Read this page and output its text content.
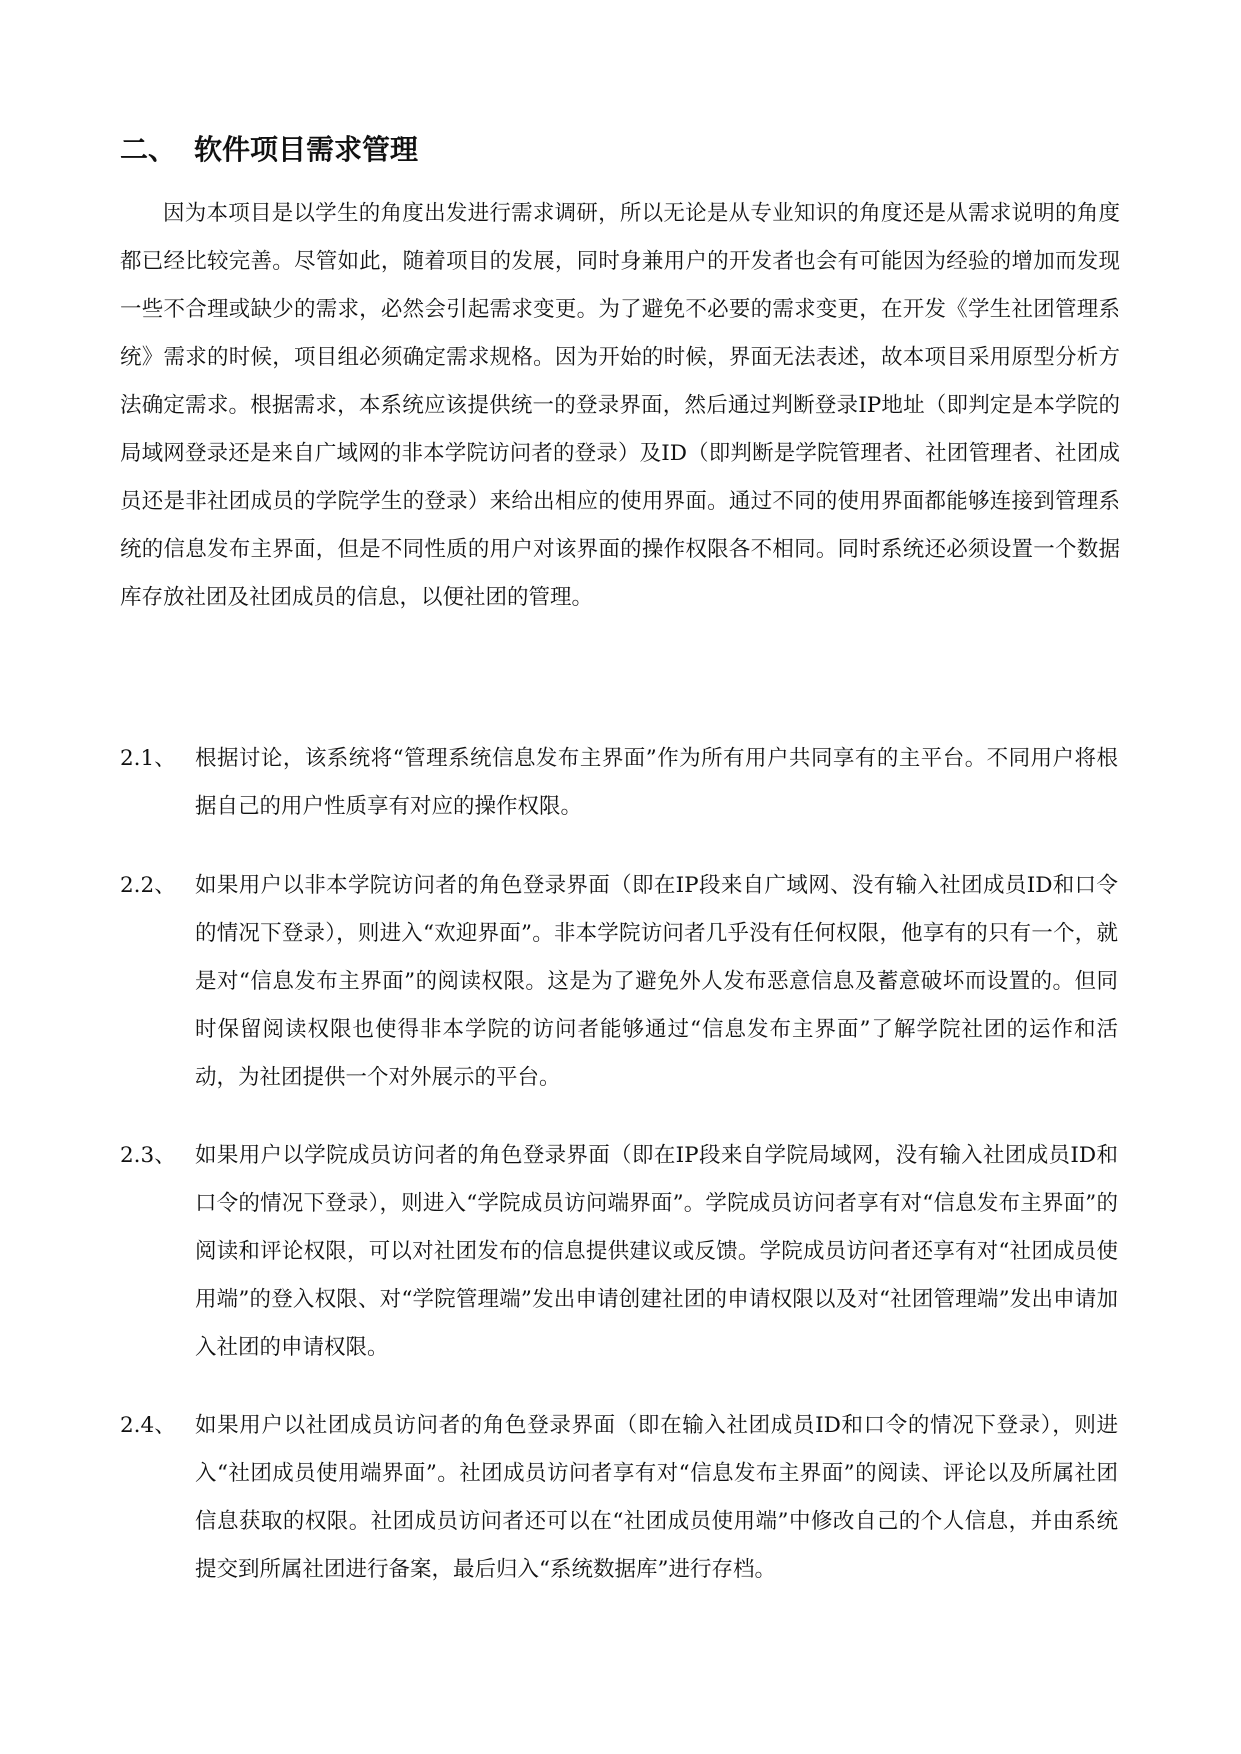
二、 软件项目需求管理

因为本项目是以学生的角度出发进行需求调研，所以无论是从专业知识的角度还是从需求说明的角度都已经比较完善。尽管如此，随着项目的发展，同时身兼用户的开发者也会有可能因为经验的增加而发现一些不合理或缺少的需求，必然会引起需求变更。为了避免不必要的需求变更，在开发《学生社团管理系统》需求的时候，项目组必须确定需求规格。因为开始的时候，界面无法表述，故本项目采用原型分析方法确定需求。根据需求，本系统应该提供统一的登录界面，然后通过判断登录IP地址（即判定是本学院的局域网登录还是来自广域网的非本学院访问者的登录）及ID（即判断是学院管理者、社团管理者、社团成员还是非社团成员的学院学生的登录）来给出相应的使用界面。通过不同的使用界面都能够连接到管理系统的信息发布主界面，但是不同性质的用户对该界面的操作权限各不相同。同时系统还必须设置一个数据库存放社团及社团成员的信息，以便社团的管理。

2.1、 根据讨论，该系统将“管理系统信息发布主界面”作为所有用户共同享有的主平台。不同用户将根据自己的用户性质享有对应的操作权限。
2.2、 如果用户以非本学院访问者的角色登录界面（即在IP段来自广域网、没有输入社团成员ID和口令的情况下登录），则进入“欢迎界面”。非本学院访问者几乎没有任何权限，他享有的只有一个，就是对“信息发布主界面”的阅读权限。这是为了避免外人发布恶意信息及蓄意破坏而设置的。但同时保留阅读权限也使得非本学院的访问者能够通过“信息发布主界面”了解学院社团的运作和活动，为社团提供一个对外展示的平台。
2.3、 如果用户以学院成员访问者的角色登录界面（即在IP段来自学院局域网，没有输入社团成员ID和口令的情况下登录），则进入“学院成员访问端界面”。学院成员访问者享有对“信息发布主界面”的阅读和评论权限，可以对社团发布的信息提供建议或反馈。学院成员访问者还享有对“社团成员使用端”的登入权限、对“学院管理端”发出申请创建社团的申请权限以及对“社团管理端”发出申请加入社团的申请权限。
2.4、 如果用户以社团成员访问者的角色登录界面（即在输入社团成员ID和口令的情况下登录），则进入“社团成员使用端界面”。社团成员访问者享有对“信息发布主界面”的阅读、评论以及所属社团信息获取的权限。社团成员访问者还可以在“社团成员使用端”中修改自己的个人信息，并由系统提交到所属社团进行备案，最后归入“系统数据库”进行存档。
